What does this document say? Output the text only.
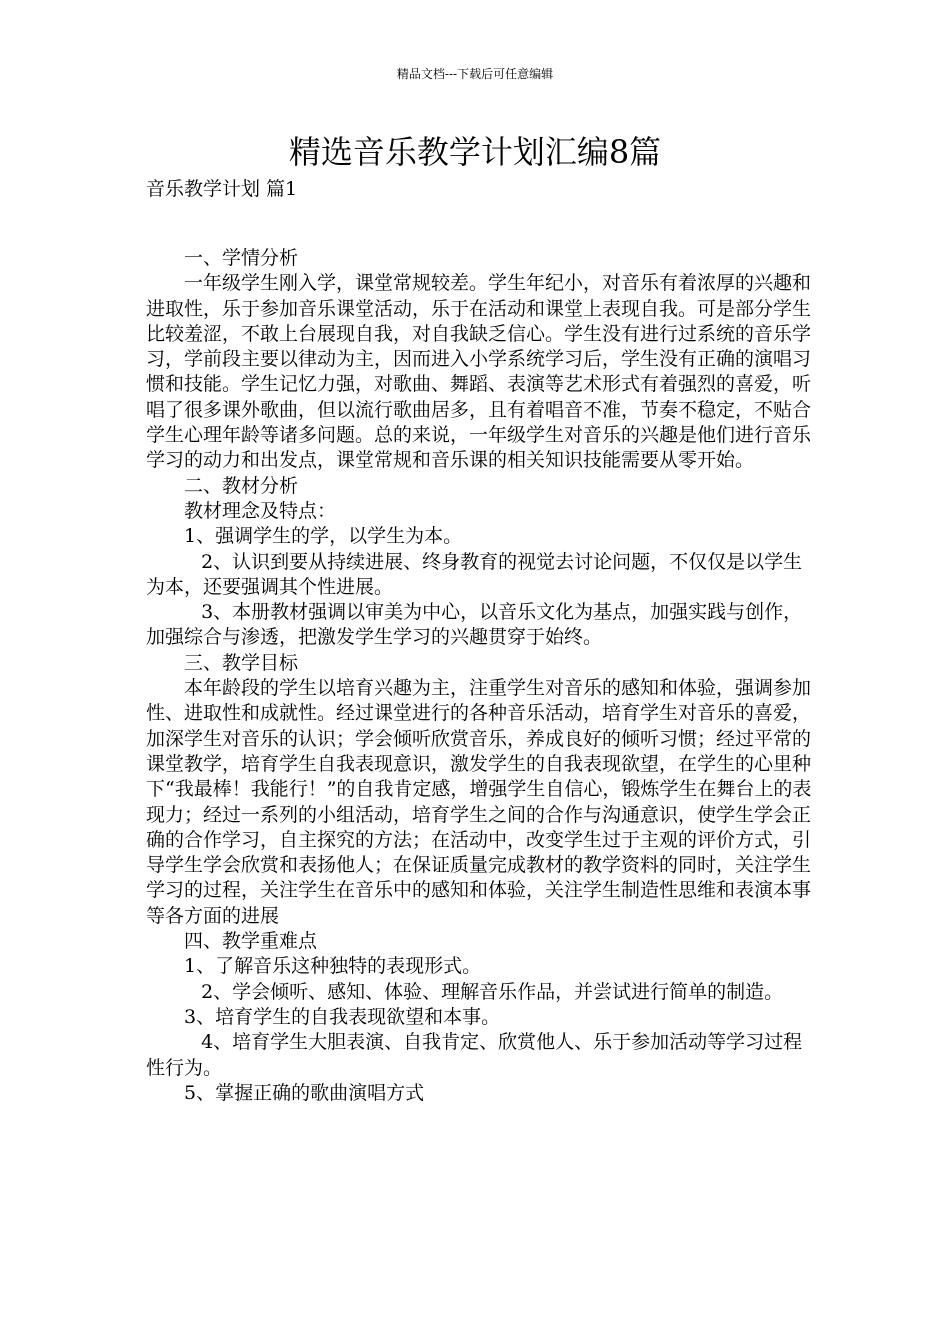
精品文档---下载后可任意编辑
精选音乐教学计划汇编8篇
音乐教学计划 篇1

一、学情分析

一年级学生刚入学，课堂常规较差。学生年纪小，对音乐有着浓厚的兴趣和进取性，乐于参加音乐课堂活动，乐于在活动和课堂上表现自我。可是部分学生比较羞涩，不敢上台展现自我，对自我缺乏信心。学生没有进行过系统的音乐学习，学前段主要以律动为主，因而进入小学系统学习后，学生没有正确的演唱习惯和技能。学生记忆力强，对歌曲、舞蹈、表演等艺术形式有着强烈的喜爱，听唱了很多课外歌曲，但以流行歌曲居多，且有着唱音不准，节奏不稳定，不贴合学生心理年龄等诸多问题。总的来说，一年级学生对音乐的兴趣是他们进行音乐学习的动力和出发点，课堂常规和音乐课的相关知识技能需要从零开始。

二、教材分析

教材理念及特点：

1、强调学生的学，以学生为本。

2、认识到要从持续进展、终身教育的视觉去讨论问题，不仅仅是以学生为本，还要强调其个性进展。

3、本册教材强调以审美为中心，以音乐文化为基点，加强实践与创作，加强综合与渗透，把激发学生学习的兴趣贯穿于始终。

三、教学目标

本年龄段的学生以培育兴趣为主，注重学生对音乐的感知和体验，强调参加性、进取性和成就性。经过课堂进行的各种音乐活动，培育学生对音乐的喜爱，加深学生对音乐的认识；学会倾听欣赏音乐，养成良好的倾听习惯；经过平常的课堂教学，培育学生自我表现意识，激发学生的自我表现欲望，在学生的心里种下“我最棒！我能行！”的自我肯定感，增强学生自信心，锻炼学生在舞台上的表现力；经过一系列的小组活动，培育学生之间的合作与沟通意识，使学生学会正确的合作学习，自主探究的方法；在活动中，改变学生过于主观的评价方式，引导学生学会欣赏和表扬他人；在保证质量完成教材的教学资料的同时，关注学生学习的过程，关注学生在音乐中的感知和体验，关注学生制造性思维和表演本事等各方面的进展

四、教学重难点

1、了解音乐这种独特的表现形式。

2、学会倾听、感知、体验、理解音乐作品，并尝试进行简单的制造。

3、培育学生的自我表现欲望和本事。

4、培育学生大胆表演、自我肯定、欣赏他人、乐于参加活动等学习过程性行为。

5、掌握正确的歌曲演唱方式
